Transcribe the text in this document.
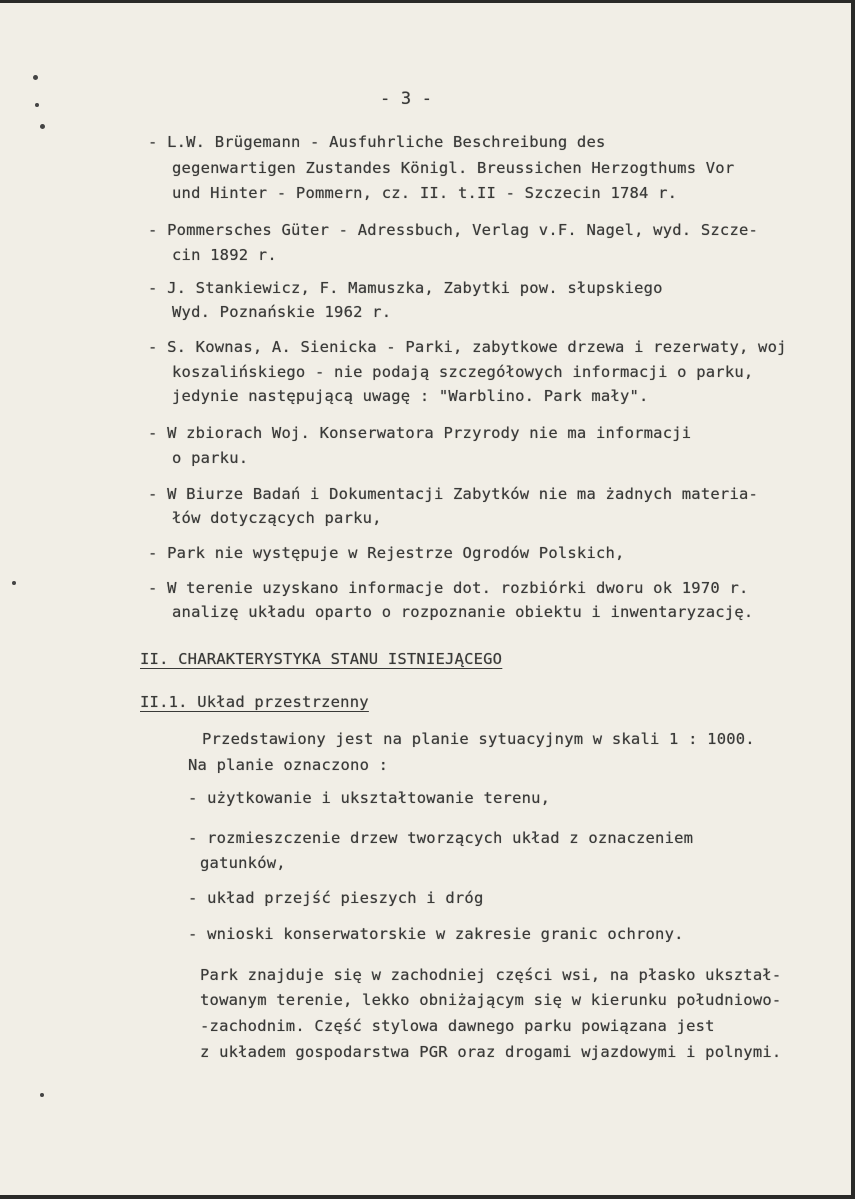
- 3 -
- L.W. Brügemann - Ausfuhrliche Beschreibung des
gegenwartigen Zustandes Königl. Breussichen Herzogthums Vor
und Hinter - Pommern, cz. II. t.II - Szczecin 1784 r.
- Pommersches Güter - Adressbuch, Verlag v.F. Nagel, wyd. Szcze-
cin 1892 r.
- J. Stankiewicz, F. Mamuszka, Zabytki pow. słupskiego
Wyd. Poznańskie 1962 r.
- S. Kownas, A. Sienicka - Parki, zabytkowe drzewa i rezerwaty, woj
koszalińskiego - nie podają szczegółowych informacji o parku,
jedynie następującą uwagę : "Warblino. Park mały".
- W zbiorach Woj. Konserwatora Przyrody nie ma informacji
o parku.
- W Biurze Badań i Dokumentacji Zabytków nie ma żadnych materia-
łów dotyczących parku,
- Park nie występuje w Rejestrze Ogrodów Polskich,
- W terenie uzyskano informacje dot. rozbiórki dworu ok 1970 r.
analizę układu oparto o rozpoznanie obiektu i inwentaryzację.
II. CHARAKTERYSTYKA STANU ISTNIEJĄCEGO
II.1. Układ przestrzenny
Przedstawiony jest na planie sytuacyjnym w skali 1 : 1000.
Na planie oznaczono :
- użytkowanie i ukształtowanie terenu,
- rozmieszczenie drzew tworzących układ z oznaczeniem
gatunków,
- układ przejść pieszych i dróg
- wnioski konserwatorskie w zakresie granic ochrony.
Park znajduje się w zachodniej części wsi, na płasko ukształ-
towanym terenie, lekko obniżającym się w kierunku południowo-
-zachodnim. Część stylowa dawnego parku powiązana jest
z układem gospodarstwa PGR oraz drogami wjazdowymi i polnymi.
